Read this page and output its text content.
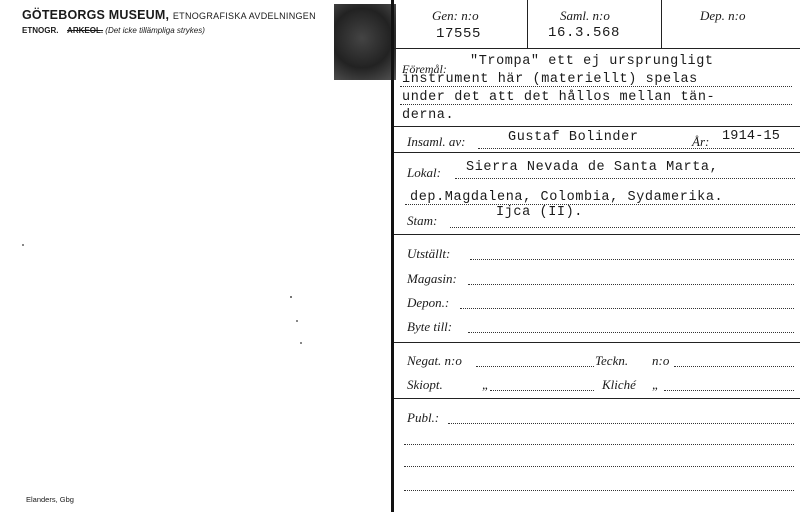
GÖTEBORGS MUSEUM, ETNOGRAFISKA AVDELNINGEN
ETNOGR. ARKEOL. (Det icke tillämpliga strykes)
Elanders, Gbg
Gen: n:o
17555
Saml. n:o
16.3.568
Dep. n:o
Föremål: "Trompa" ett ej ursprungligt
instrument här (materiellt) spelas
under det att det hållos mellan tän-
derna.
Insaml. av:	Gustaf Bolinder	År: 1914-15
Lokal: Sierra Nevada de Santa Marta,
dep.Magdalena, Colombia, Sydamerika.
Stam:
Ijca (II).
Utställt:
Magasin:
Depon.:
Byte till:
Negat. n:o	Teckn. n:o
Skiopt.	„	Kliché „
Publ.:
